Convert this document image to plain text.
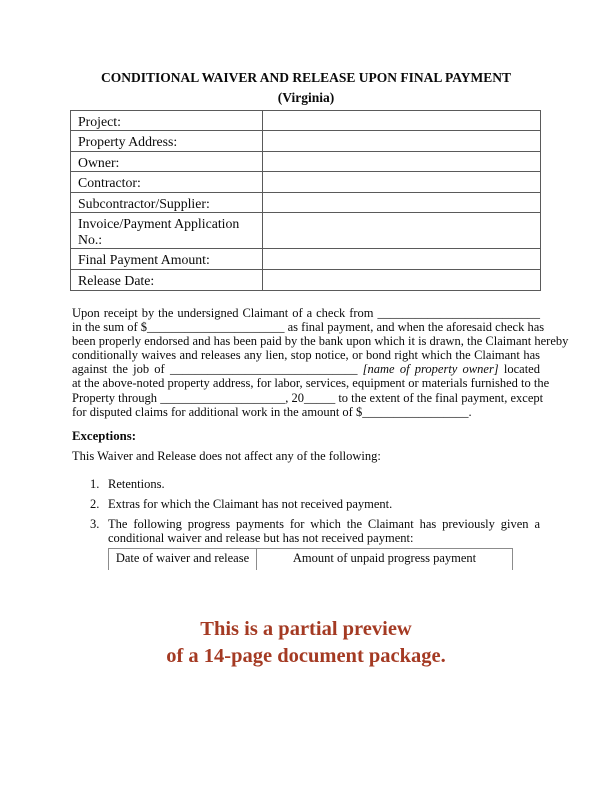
CONDITIONAL WAIVER AND RELEASE UPON FINAL PAYMENT
(Virginia)
Project:
Property Address:
Owner:
Contractor:
Subcontractor/Supplier:
Invoice/Payment Application No.:
Final Payment Amount:
Release Date:
Upon receipt by the undersigned Claimant of a check from __________________________
in the sum of $______________________ as final payment, and when the aforesaid check has
been properly endorsed and has been paid by the bank upon which it is drawn, the Claimant hereby
conditionally waives and releases any lien, stop notice, or bond right which the Claimant has
against the job of ______________________________ [name of property owner] located
at the above-noted property address, for labor, services, equipment or materials furnished to the
Property through ____________________, 20_____ to the extent of the final payment, except
for disputed claims for additional work in the amount of $_________________.
Exceptions:
This Waiver and Release does not affect any of the following:
1. Retentions.
2. Extras for which the Claimant has not received payment.
3. The following progress payments for which the Claimant has previously given a
conditional waiver and release but has not received payment:
Date of waiver and release	Amount of unpaid progress payment
This is a partial preview
of a 14-page document package.
